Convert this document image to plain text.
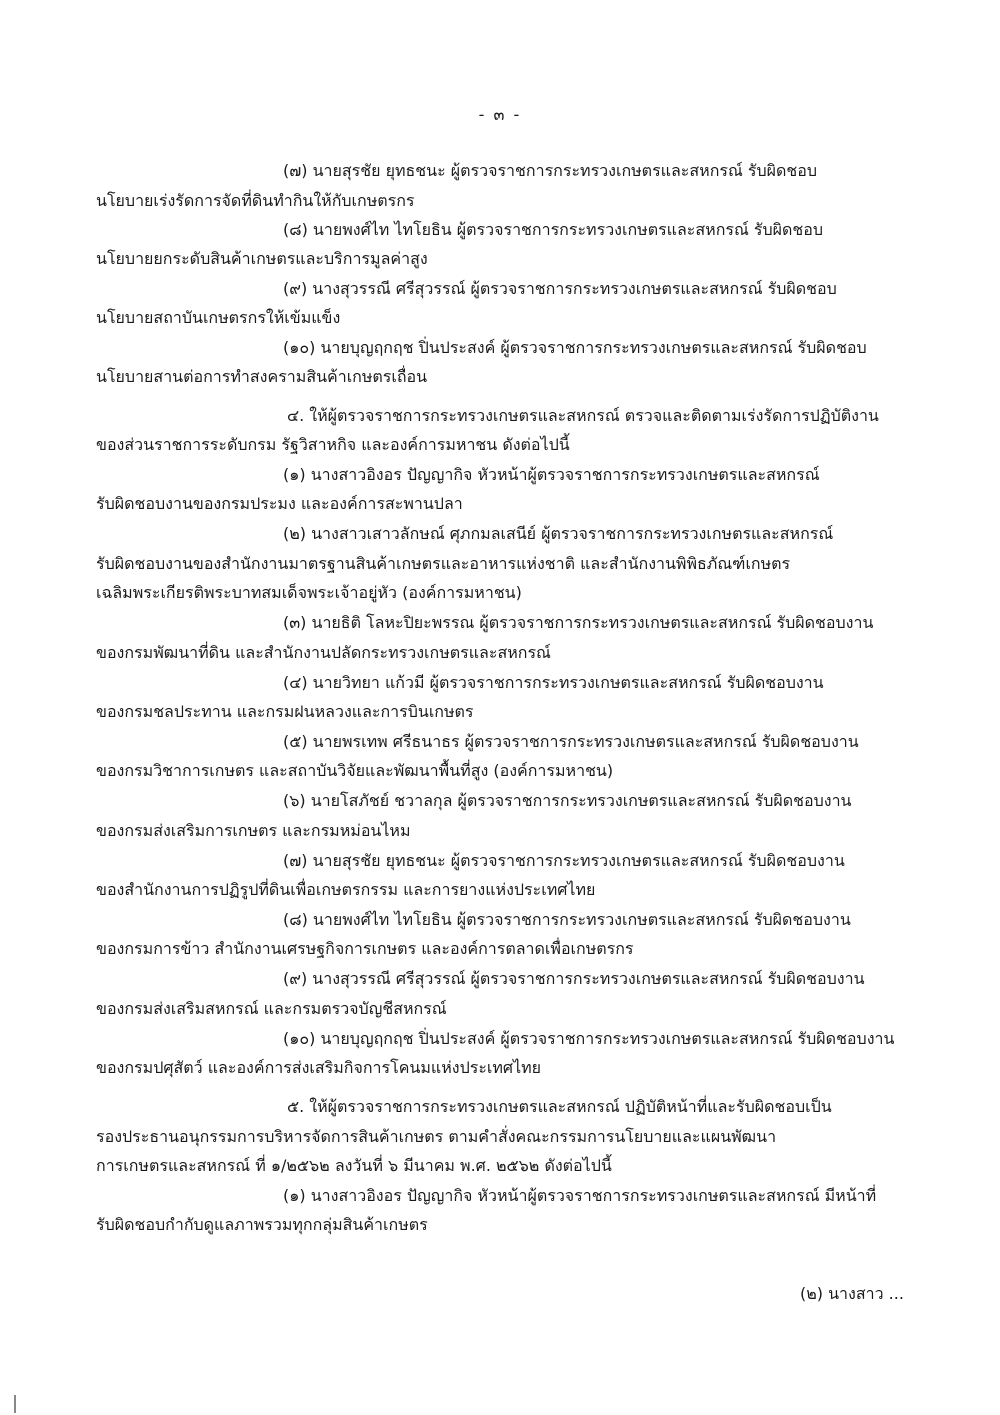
- ๓ -
(๗) นายสุรชัย ยุทธชนะ ผู้ตรวจราชการกระทรวงเกษตรและสหกรณ์ รับผิดชอบ
นโยบายเร่งรัดการจัดที่ดินทำกินให้กับเกษตรกร
(๘) นายพงศ์ไท ไทโยธิน ผู้ตรวจราชการกระทรวงเกษตรและสหกรณ์ รับผิดชอบ
นโยบายยกระดับสินค้าเกษตรและบริการมูลค่าสูง
(๙) นางสุวรรณี ศรีสุวรรณ์ ผู้ตรวจราชการกระทรวงเกษตรและสหกรณ์ รับผิดชอบ
นโยบายสถาบันเกษตรกรให้เข้มแข็ง
(๑๐) นายบุญฤกฤช ปิ่นประสงค์ ผู้ตรวจราชการกระทรวงเกษตรและสหกรณ์ รับผิดชอบ
นโยบายสานต่อการทำสงครามสินค้าเกษตรเถื่อน
๔. ให้ผู้ตรวจราชการกระทรวงเกษตรและสหกรณ์ ตรวจและติดตามเร่งรัดการปฏิบัติงาน
ของส่วนราชการระดับกรม รัฐวิสาหกิจ และองค์การมหาชน ดังต่อไปนี้
(๑) นางสาวอิงอร ปัญญากิจ หัวหน้าผู้ตรวจราชการกระทรวงเกษตรและสหกรณ์
รับผิดชอบงานของกรมประมง และองค์การสะพานปลา
(๒) นางสาวเสาวลักษณ์ ศุภกมลเสนีย์ ผู้ตรวจราชการกระทรวงเกษตรและสหกรณ์
รับผิดชอบงานของสำนักงานมาตรฐานสินค้าเกษตรและอาหารแห่งชาติ และสำนักงานพิพิธภัณฑ์เกษตร
เฉลิมพระเกียรติพระบาทสมเด็จพระเจ้าอยู่หัว (องค์การมหาชน)
(๓) นายธิติ โลหะปิยะพรรณ ผู้ตรวจราชการกระทรวงเกษตรและสหกรณ์ รับผิดชอบงาน
ของกรมพัฒนาที่ดิน และสำนักงานปลัดกระทรวงเกษตรและสหกรณ์
(๔) นายวิทยา แก้วมี ผู้ตรวจราชการกระทรวงเกษตรและสหกรณ์ รับผิดชอบงาน
ของกรมชลประทาน และกรมฝนหลวงและการบินเกษตร
(๕) นายพรเทพ ศรีธนาธร ผู้ตรวจราชการกระทรวงเกษตรและสหกรณ์ รับผิดชอบงาน
ของกรมวิชาการเกษตร และสถาบันวิจัยและพัฒนาพื้นที่สูง (องค์การมหาชน)
(๖) นายโสภัชย์ ชวาลกุล ผู้ตรวจราชการกระทรวงเกษตรและสหกรณ์ รับผิดชอบงาน
ของกรมส่งเสริมการเกษตร และกรมหม่อนไหม
(๗) นายสุรชัย ยุทธชนะ ผู้ตรวจราชการกระทรวงเกษตรและสหกรณ์ รับผิดชอบงาน
ของสำนักงานการปฏิรูปที่ดินเพื่อเกษตรกรรม และการยางแห่งประเทศไทย
(๘) นายพงศ์ไท ไทโยธิน ผู้ตรวจราชการกระทรวงเกษตรและสหกรณ์ รับผิดชอบงาน
ของกรมการข้าว สำนักงานเศรษฐกิจการเกษตร และองค์การตลาดเพื่อเกษตรกร
(๙) นางสุวรรณี ศรีสุวรรณ์ ผู้ตรวจราชการกระทรวงเกษตรและสหกรณ์ รับผิดชอบงาน
ของกรมส่งเสริมสหกรณ์ และกรมตรวจบัญชีสหกรณ์
(๑๐) นายบุญฤกฤช ปิ่นประสงค์ ผู้ตรวจราชการกระทรวงเกษตรและสหกรณ์ รับผิดชอบงาน
ของกรมปศุสัตว์ และองค์การส่งเสริมกิจการโคนมแห่งประเทศไทย
๕. ให้ผู้ตรวจราชการกระทรวงเกษตรและสหกรณ์ ปฏิบัติหน้าที่และรับผิดชอบเป็น
รองประธานอนุกรรมการบริหารจัดการสินค้าเกษตร ตามคำสั่งคณะกรรมการนโยบายและแผนพัฒนา
การเกษตรและสหกรณ์ ที่ ๑/๒๕๖๒ ลงวันที่ ๖ มีนาคม พ.ศ. ๒๕๖๒ ดังต่อไปนี้
(๑) นางสาวอิงอร ปัญญากิจ หัวหน้าผู้ตรวจราชการกระทรวงเกษตรและสหกรณ์ มีหน้าที่
รับผิดชอบกำกับดูแลภาพรวมทุกกลุ่มสินค้าเกษตร
(๒) นางสาว ...
